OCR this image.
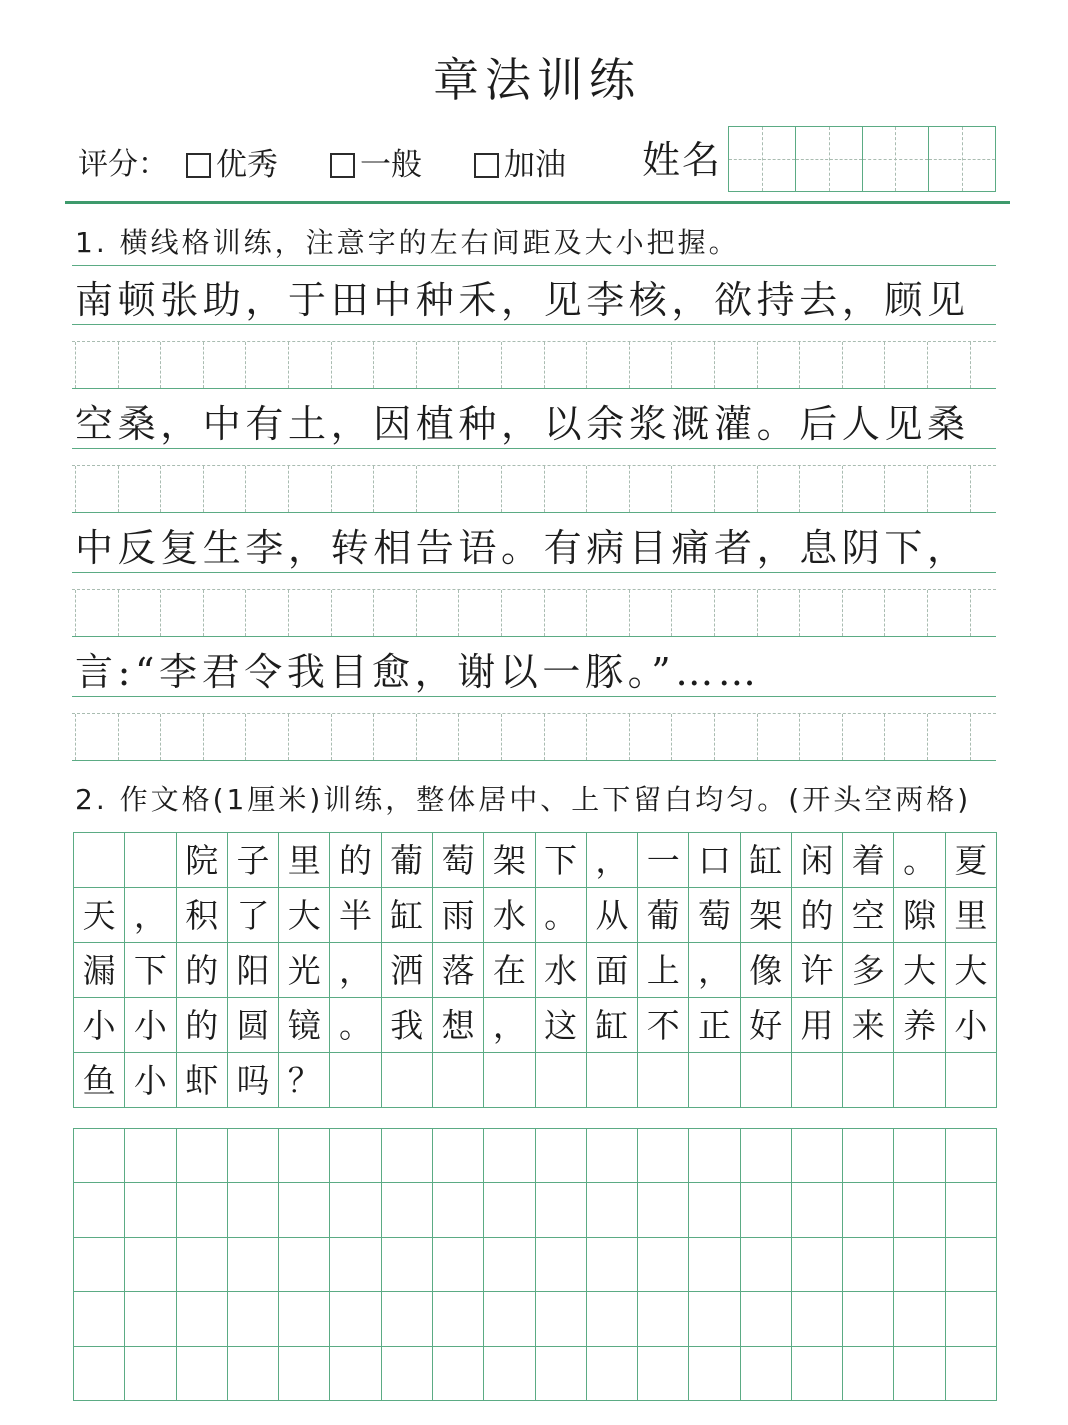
章法训练
评分： 优秀	一般	加油 姓名
1. 横线格训练，注意字的左右间距及大小把握。
南顿张助，于田中种禾，见李核，欲持去，顾见
空桑，中有土，因植种，以余浆溉灌。后人见桑
中反复生李，转相告语。有病目痛者，息阴下，
言:“李君令我目愈，谢以一豚。”……
2. 作文格(1厘米)训练，整体居中、上下留白均匀。(开头空两格)
院 子 里 的 葡 萄 架 下 ， 一 口 缸 闲 着 。 夏
天 ， 积 了 大 半 缸 雨 水 。 从 葡 萄 架 的 空 隙 里
漏 下 的 阳 光 ， 洒 落 在 水 面 上 ， 像 许 多 大 大
小 小 的 圆 镜 。 我 想 ， 这 缸 不 正 好 用 来 养 小
鱼 小 虾 吗 ？
